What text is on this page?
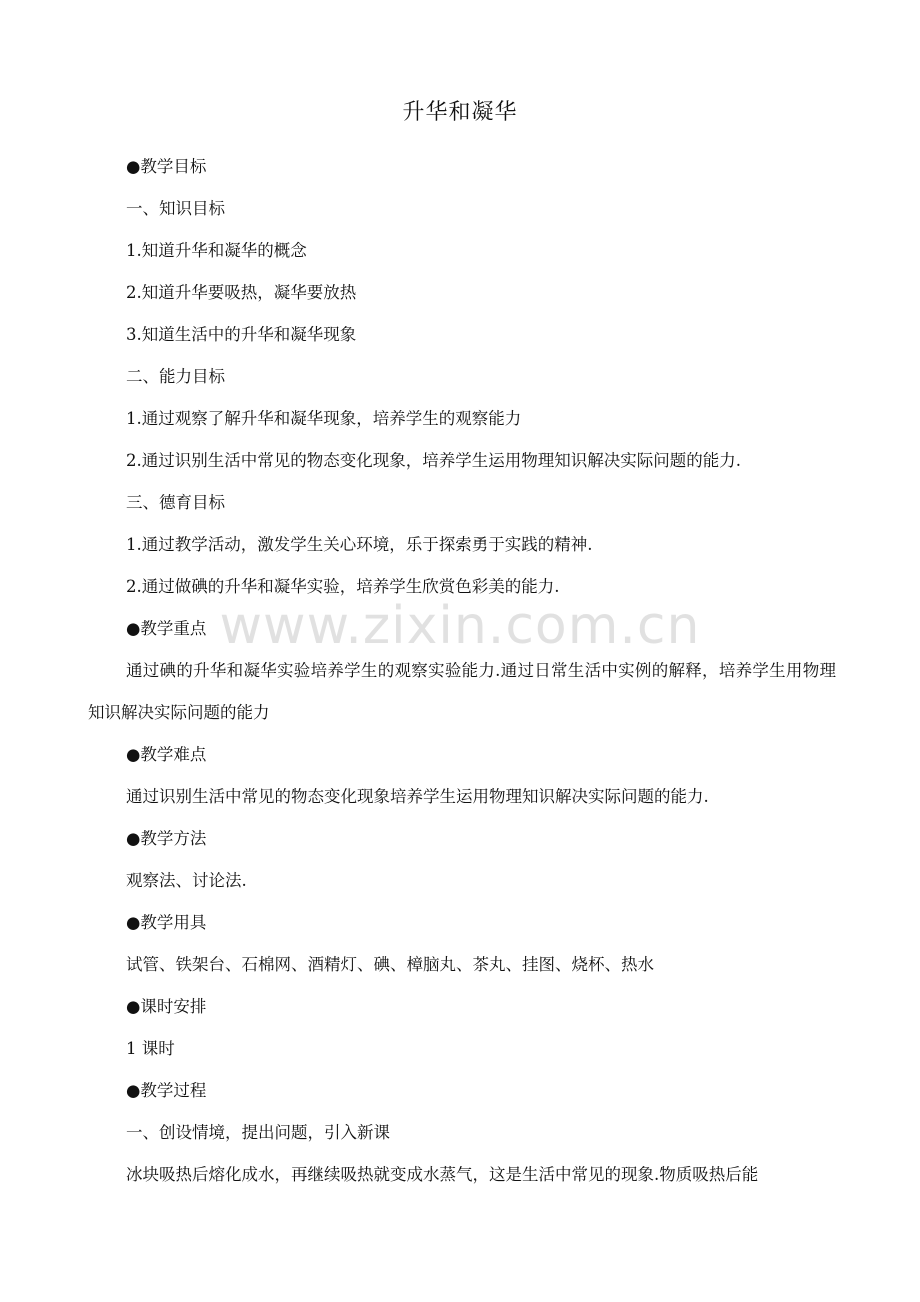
升华和凝华

●教学目标

一、知识目标

1.知道升华和凝华的概念

2.知道升华要吸热，凝华要放热

3.知道生活中的升华和凝华现象

二、能力目标

1.通过观察了解升华和凝华现象，培养学生的观察能力

2.通过识别生活中常见的物态变化现象，培养学生运用物理知识解决实际问题的能力.

三、德育目标

1.通过教学活动，激发学生关心环境，乐于探索勇于实践的精神.

2.通过做碘的升华和凝华实验，培养学生欣赏色彩美的能力.

●教学重点

通过碘的升华和凝华实验培养学生的观察实验能力.通过日常生活中实例的解释，培养学生用物理知识解决实际问题的能力

●教学难点

通过识别生活中常见的物态变化现象培养学生运用物理知识解决实际问题的能力.

●教学方法

观察法、讨论法.

●教学用具

试管、铁架台、石棉网、酒精灯、碘、樟脑丸、茶丸、挂图、烧杯、热水

●课时安排

1 课时

●教学过程

一、创设情境，提出问题，引入新课

冰块吸热后熔化成水，再继续吸热就变成水蒸气，这是生活中常见的现象.物质吸热后能

www.zixin.com.cn
